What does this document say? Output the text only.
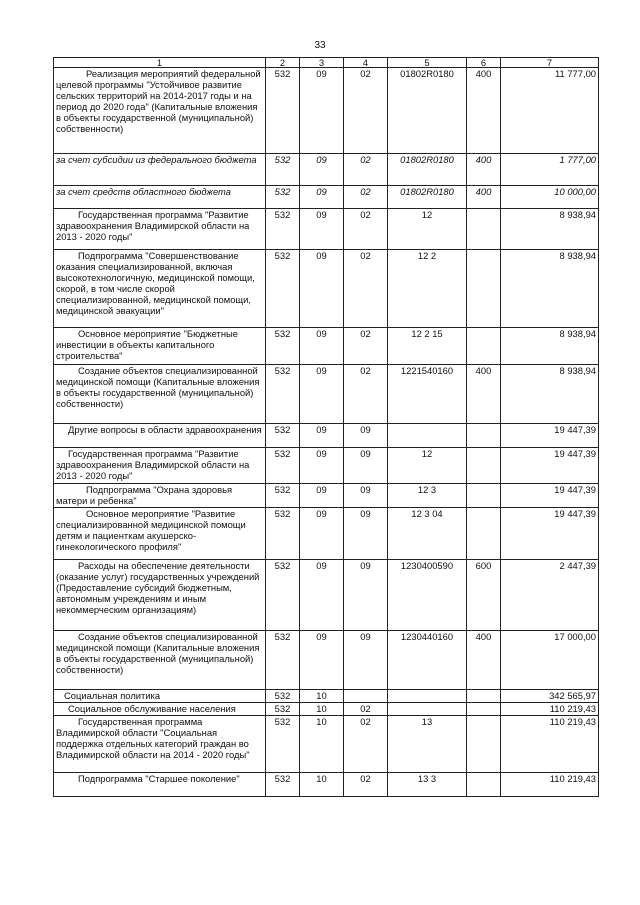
33
1	2	3	4	5	6	7
Реализация мероприятий федеральной целевой программы "Устойчивое развитие сельских территорий на 2014-2017 годы и на период до 2020 года" (Капитальные вложения в объекты государственной (муниципальной) собственности)	532	09	02	01802R0180	400	11 777,00
за счет субсидии из федерального бюджета	532	09	02	01802R0180	400	1 777,00
за счет средств областного бюджета	532	09	02	01802R0180	400	10 000,00
Государственная программа "Развитие здравоохранения Владимирской области на 2013 - 2020 годы"	532	09	02	12		8 938,94
Подпрограмма "Совершенствование оказания специализированной, включая высокотехнологичную, медицинской помощи, скорой, в том числе скорой специализированной, медицинской помощи, медицинской эвакуации"	532	09	02	12 2		8 938,94
Основное мероприятие "Бюджетные инвестиции в объекты капитального строительства"	532	09	02	12 2 15		8 938,94
Создание объектов специализированной медицинской помощи (Капитальные вложения в объекты государственной (муниципальной) собственности)	532	09	02	1221540160	400	8 938,94
Другие вопросы в области здравоохранения	532	09	09			19 447,39
Государственная программа "Развитие здравоохранения Владимирской области на 2013 - 2020 годы"	532	09	09	12		19 447,39
Подпрограмма "Охрана здоровья матери и ребенка"	532	09	09	12 3		19 447,39
Основное мероприятие "Развитие специализированной медицинской помощи детям и пациенткам акушерско-гинекологического профиля"	532	09	09	12 3 04		19 447,39
Расходы на обеспечение деятельности (оказание услуг) государственных учреждений (Предоставление субсидий бюджетным, автономным учреждениям и иным некоммерческим организациям)	532	09	09	1230400590	600	2 447,39
Создание объектов специализированной медицинской помощи (Капитальные вложения в объекты государственной (муниципальной) собственности)	532	09	09	1230440160	400	17 000,00
Социальная политика	532	10				342 565,97
Социальное обслуживание населения	532	10	02			110 219,43
Государственная программа Владимирской области "Социальная поддержка отдельных категорий граждан во Владимирской области на 2014 - 2020 годы"	532	10	02	13		110 219,43
Подпрограмма "Старшее поколение"	532	10	02	13 3		110 219,43
